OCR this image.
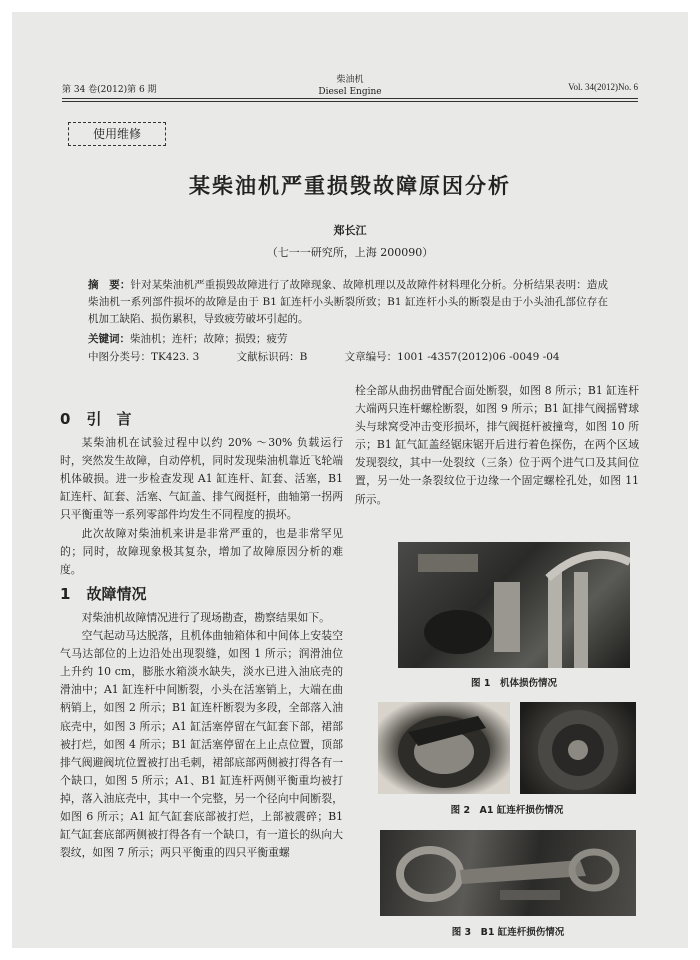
第 34 卷(2012)第 6 期
柴油机
Diesel Engine	Vol. 34(2012)No. 6
使用维修
某柴油机严重损毁故障原因分析
郑长江
（七一一研究所，上海 200090）
摘　要：针对某柴油机严重损毁故障进行了故障现象、故障机理以及故障件材料理化分析。分析结果表明：造成柴油机一系列部件损坏的故障是由于 B1 缸连杆小头断裂所致；B1 缸连杆小头的断裂是由于小头油孔部位存在机加工缺陷、损伤累积，导致疲劳破坏引起的。
关键词：柴油机；连杆；故障；损毁；疲劳
中图分类号：TK423. 3	文献标识码：B	文章编号：1001 -4357(2012)06 -0049 -04
0 引　言

某柴油机在试验过程中以约 20% ～30% 负载运行时，突然发生故障，自动停机，同时发现柴油机靠近飞轮端机体破损。进一步检查发现 A1 缸连杆、缸套、活塞，B1 缸连杆、缸套、活塞、气缸盖、排气阀挺杆，曲轴第一拐两只平衡重等一系列零部件均发生不同程度的损坏。

此次故障对柴油机来讲是非常严重的，也是非常罕见的；同时，故障现象极其复杂，增加了故障原因分析的难度。

1 故障情况

对柴油机故障情况进行了现场勘查，勘察结果如下。

空气起动马达脱落，且机体曲轴箱体和中间体上安装空气马达部位的上边沿处出现裂缝，如图 1 所示；润滑油位上升约 10 cm，膨胀水箱淡水缺失，淡水已进入油底壳的滑油中；A1 缸连杆中间断裂，小头在活塞销上，大端在曲柄销上，如图 2 所示；B1 缸连杆断裂为多段，全部落入油底壳中，如图 3 所示；A1 缸活塞停留在气缸套下部，裙部被打烂，如图 4 所示；B1 缸活塞停留在上止点位置，顶部排气阀避阀坑位置被打出毛刺，裙部底部两侧被打得各有一个缺口，如图 5 所示；A1、B1 缸连杆两侧平衡重均被打掉，落入油底壳中，其中一个完整，另一个径向中间断裂，如图 6 所示；A1 缸气缸套底部被打烂，上部被震碎；B1 缸气缸套底部两侧被打得各有一个缺口，有一道长的纵向大裂纹，如图 7 所示；两只平衡重的四只平衡重螺

栓全部从曲拐曲臂配合面处断裂，如图 8 所示；B1 缸连杆大端两只连杆螺栓断裂，如图 9 所示；B1 缸排气阀摇臂球头与球窝受冲击变形损坏，排气阀挺杆被撞弯，如图 10 所示；B1 缸气缸盖经锯床锯开后进行着色探伤，在两个区域发现裂纹，其中一处裂纹（三条）位于两个进气口及其间位置，另一处一条裂纹位于边缘一个固定螺栓孔处，如图 11 所示。

图 1　机体损伤情况
图 2　A1 缸连杆损伤情况
图 3　B1 缸连杆损伤情况
